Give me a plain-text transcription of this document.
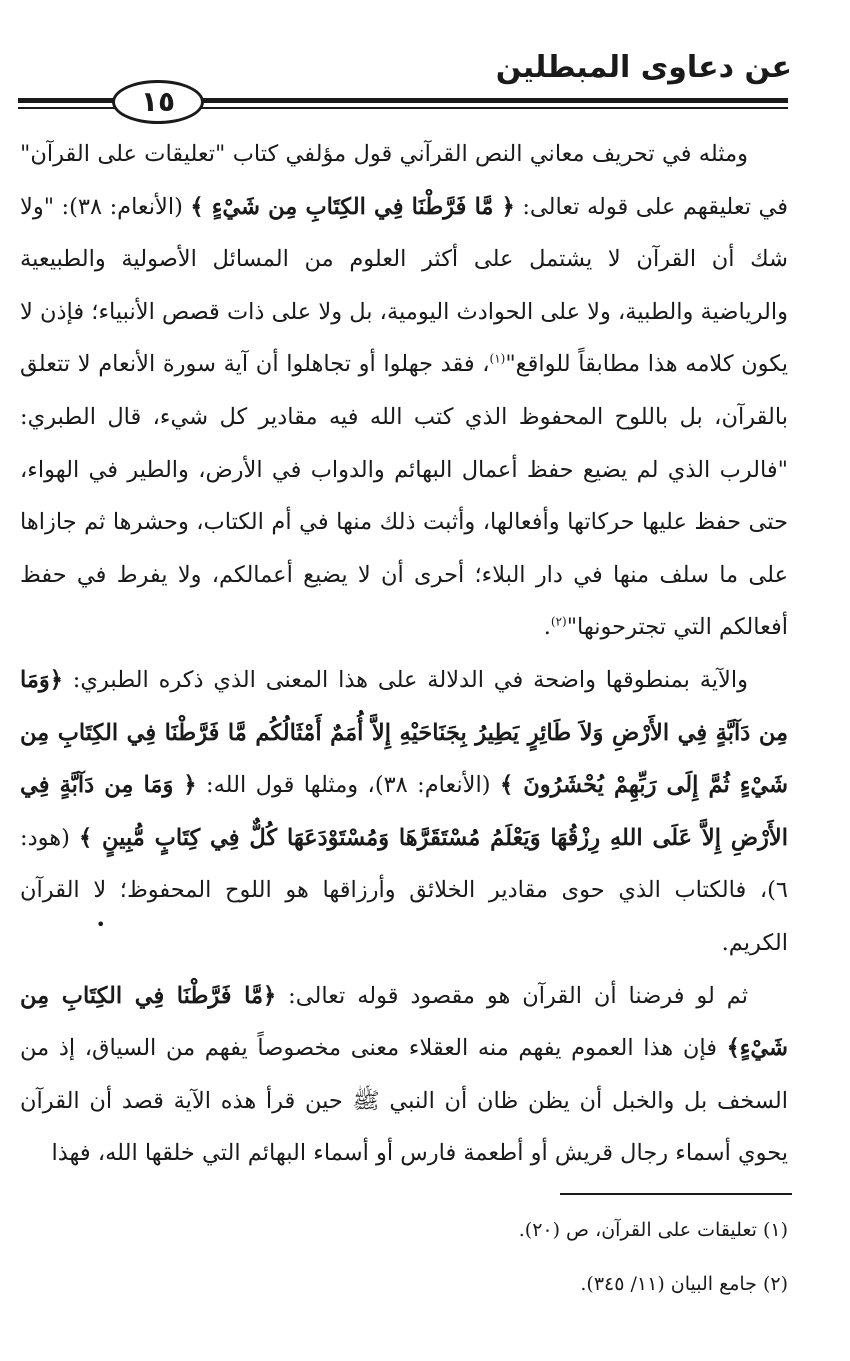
عن دعاوى المبطلين
١٥

ومثله في تحريف معاني النص القرآني قول مؤلفي كتاب "تعليقات على القرآن" في تعليقهم على قوله تعالى: ﴿ مَّا فَرَّطْنَا فِي الكِتَابِ مِن شَيْءٍ ﴾ (الأنعام: ٣٨): "ولا شك أن القرآن لا يشتمل على أكثر العلوم من المسائل الأصولية والطبيعية والرياضية والطبية، ولا على الحوادث اليومية، بل ولا على ذات قصص الأنبياء؛ فإذن لا يكون كلامه هذا مطابقاً للواقع"$^{(١)}$، فقد جهلوا أو تجاهلوا أن آية سورة الأنعام لا تتعلق بالقرآن، بل باللوح المحفوظ الذي كتب الله فيه مقادير كل شيء، قال الطبري: "فالرب الذي لم يضيع حفظ أعمال البهائم والدواب في الأرض، والطير في الهواء، حتى حفظ عليها حركاتها وأفعالها، وأثبت ذلك منها في أم الكتاب، وحشرها ثم جازاها على ما سلف منها في دار البلاء؛ أحرى أن لا يضيع أعمالكم، ولا يفرط في حفظ أفعالكم التي تجترحونها"$^{(٢)}$.

والآية بمنطوقها واضحة في الدلالة على هذا المعنى الذي ذكره الطبري: ﴿وَمَا مِن دَآبَّةٍ فِي الأَرْضِ وَلاَ طَائِرٍ يَطِيرُ بِجَنَاحَيْهِ إِلاَّ أُمَمٌ أَمْثَالُكُم مَّا فَرَّطْنَا فِي الكِتَابِ مِن شَيْءٍ ثُمَّ إِلَى رَبِّهِمْ يُحْشَرُونَ ﴾ (الأنعام: ٣٨)، ومثلها قول الله: ﴿ وَمَا مِن دَآبَّةٍ فِي الأَرْضِ إِلاَّ عَلَى اللهِ رِزْقُهَا وَيَعْلَمُ مُسْتَقَرَّهَا وَمُسْتَوْدَعَهَا كُلٌّ فِي كِتَابٍ مُّبِينٍ ﴾ (هود: ٦)، فالكتاب الذي حوى مقادير الخلائق وأرزاقها هو اللوح المحفوظ؛ لا القرآن الكريم.

ثم لو فرضنا أن القرآن هو مقصود قوله تعالى: ﴿مَّا فَرَّطْنَا فِي الكِتَابِ مِن شَيْءٍ﴾ فإن هذا العموم يفهم منه العقلاء معنى مخصوصاً يفهم من السياق، إذ من السخف بل والخبل أن يظن ظان أن النبي ﷺ حين قرأ هذه الآية قصد أن القرآن يحوي أسماء رجال قريش أو أطعمة فارس أو أسماء البهائم التي خلقها الله، فهذا

•
(١) تعليقات على القرآن، ص (٢٠).
(٢) جامع البيان (١١/ ٣٤٥).
